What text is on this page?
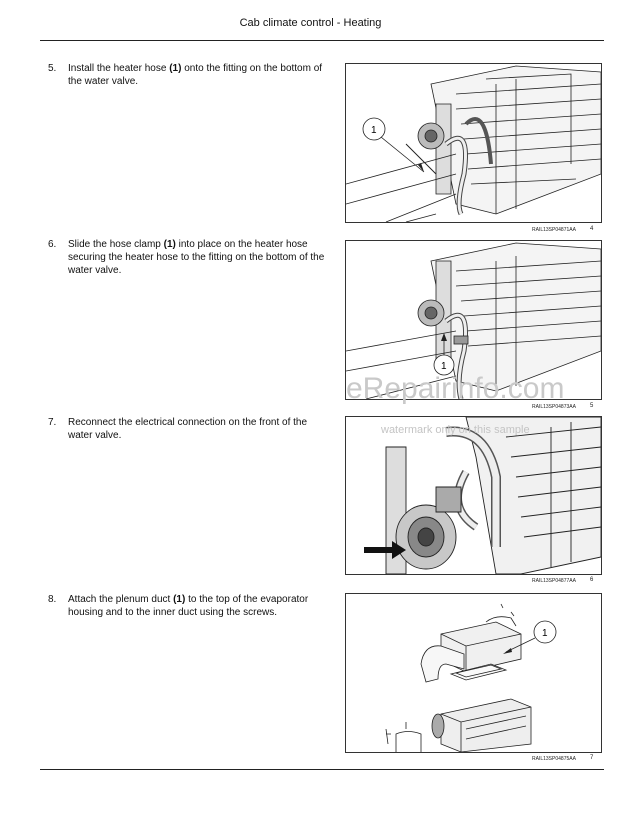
Cab climate control - Heating
5. Install the heater hose (1) onto the fitting on the bottom of the water valve.
1
RAIL13SP04871AA 4
6. Slide the hose clamp (1) into place on the heater hose securing the heater hose to the fitting on the bottom of the water valve.
1
RAIL13SP04873AA 5
7. Reconnect the electrical connection on the front of the water valve.
RAIL13SP04877AA 6
8. Attach the plenum duct (1) to the top of the evaporator housing and to the inner duct using the screws.
1
RAIL13SP04875AA 7
eRepairinfo.com
watermark only on this sample
